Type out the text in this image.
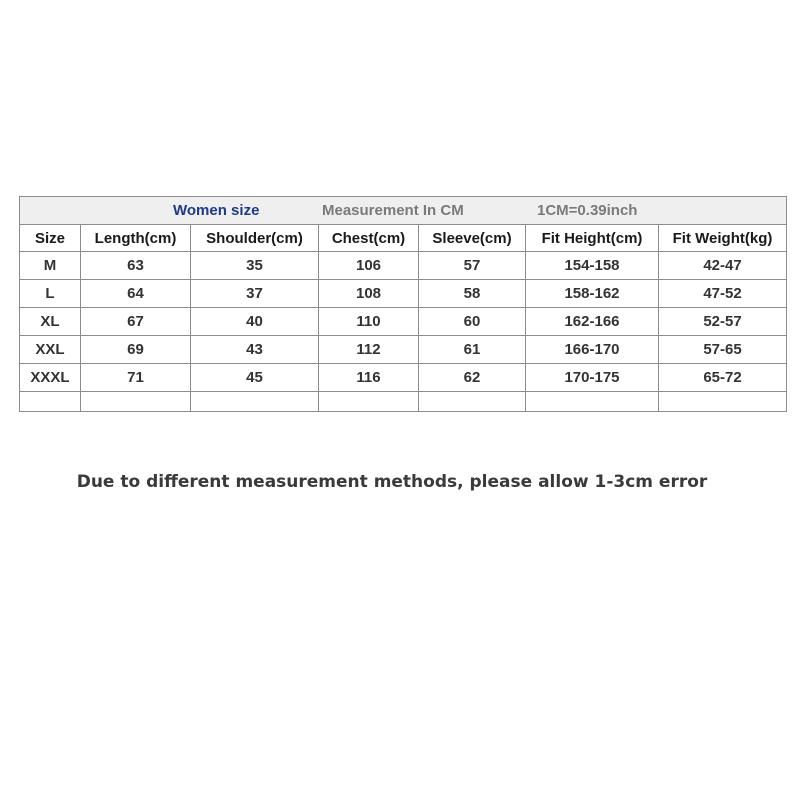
Women size Measurement In CM 1CM=0.39inch						

Size	Length(cm)	Shoulder(cm)	Chest(cm)	Sleeve(cm)	Fit Height(cm)	Fit Weight(kg)
M	63	35	106	57	154-158	42-47
L	64	37	108	58	158-162	47-52
XL	67	40	110	60	162-166	52-57
XXL	69	43	112	61	166-170	57-65
XXXL	71	45	116	62	170-175	65-72

Due to different measurement methods, please allow 1-3cm error
